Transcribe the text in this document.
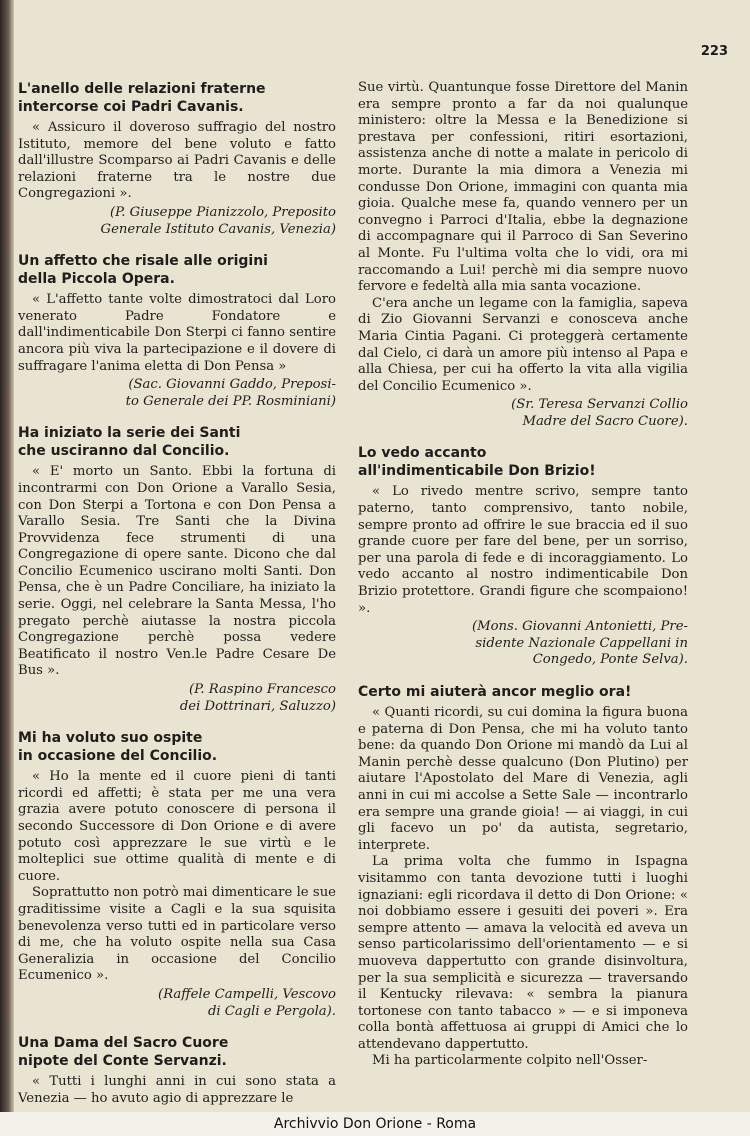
223
L'anello delle relazioni fraterne
intercorse coi Padri Cavanis.

« Assicuro il doveroso suffragio del nostro Istituto, memore del bene voluto e fatto dall'illustre Scomparso ai Padri Cavanis e delle relazioni fraterne tra le nostre due Congregazioni ».

(P. Giuseppe Pianizzolo, Preposito
Generale Istituto Cavanis, Venezia)
Un affetto che risale alle origini
della Piccola Opera.

« L'affetto tante volte dimostratoci dal Loro venerato Padre Fondatore e dall'indimenticabile Don Sterpi ci fanno sentire ancora più viva la partecipazione e il dovere di suffragare l'anima eletta di Don Pensa »

(Sac. Giovanni Gaddo, Preposi-
to Generale dei PP. Rosminiani)
Ha iniziato la serie dei Santi
che usciranno dal Concilio.

« E' morto un Santo. Ebbi la fortuna di incontrarmi con Don Orione a Varallo Sesia, con Don Sterpi a Tortona e con Don Pensa a Varallo Sesia. Tre Santi che la Divina Provvidenza fece strumenti di una Congregazione di opere sante. Dicono che dal Concilio Ecumenico uscirano molti Santi. Don Pensa, che è un Padre Conciliare, ha iniziato la serie. Oggi, nel celebrare la Santa Messa, l'ho pregato perchè aiutasse la nostra piccola Congregazione perchè possa vedere Beatificato il nostro Ven.le Padre Cesare De Bus ».

(P. Raspino Francesco
dei Dottrinari, Saluzzo)
Mi ha voluto suo ospite
in occasione del Concilio.

« Ho la mente ed il cuore pieni di tanti ricordi ed affetti; è stata per me una vera grazia avere potuto conoscere di persona il secondo Successore di Don Orione e di avere potuto così apprezzare le sue virtù e le molteplici sue ottime qualità di mente e di cuore.

Soprattutto non potrò mai dimenticare le sue graditissime visite a Cagli e la sua squisita benevolenza verso tutti ed in particolare verso di me, che ha voluto ospite nella sua Casa Generalizia in occasione del Concilio Ecumenico ».

(Raffele Campelli, Vescovo
di Cagli e Pergola).
Una Dama del Sacro Cuore
nipote del Conte Servanzi.

« Tutti i lunghi anni in cui sono stata a Venezia — ho avuto agio di apprezzare le

Sue virtù. Quantunque fosse Direttore del Manin era sempre pronto a far da noi qualunque ministero: oltre la Messa e la Benedizione si prestava per confessioni, ritiri esortazioni, assistenza anche di notte a malate in pericolo di morte. Durante la mia dimora a Venezia mi condusse Don Orione, immagini con quanta mia gioia. Qualche mese fa, quando vennero per un convegno i Parroci d'Italia, ebbe la degnazione di accompagnare qui il Parroco di San Severino al Monte. Fu l'ultima volta che lo vidi, ora mi raccomando a Lui! perchè mi dia sempre nuovo fervore e fedeltà alla mia santa vocazione.

C'era anche un legame con la famiglia, sapeva di Zio Giovanni Servanzi e conosceva anche Maria Cintia Pagani. Ci proteggerà certamente dal Cielo, ci darà un amore più intenso al Papa e alla Chiesa, per cui ha offerto la vita alla vigilia del Concilio Ecumenico ».

(Sr. Teresa Servanzi Collio
Madre del Sacro Cuore).
Lo vedo accanto
all'indimenticabile Don Brizio!

« Lo rivedo mentre scrivo, sempre tanto paterno, tanto comprensivo, tanto nobile, sempre pronto ad offrire le sue braccia ed il suo grande cuore per fare del bene, per un sorriso, per una parola di fede e di incoraggiamento. Lo vedo accanto al nostro indimenticabile Don Brizio protettore. Grandi figure che scompaiono! ».

(Mons. Giovanni Antonietti, Pre-
sidente Nazionale Cappellani in
Congedo, Ponte Selva).
Certo mi aiuterà ancor meglio ora!

« Quanti ricordi, su cui domina la figura buona e paterna di Don Pensa, che mi ha voluto tanto bene: da quando Don Orione mi mandò da Lui al Manin perchè desse qualcuno (Don Plutino) per aiutare l'Apostolato del Mare di Venezia, agli anni in cui mi accolse a Sette Sale — incontrarlo era sempre una grande gioia! — ai viaggi, in cui gli facevo un po' da autista, segretario, interprete.

La prima volta che fummo in Ispagna visitammo con tanta devozione tutti i luoghi ignaziani: egli ricordava il detto di Don Orione: « noi dobbiamo essere i gesuiti dei poveri ». Era sempre attento — amava la velocità ed aveva un senso particolarissimo dell'orientamento — e si muoveva dappertutto con grande disinvoltura, per la sua semplicità e sicurezza — traversando il Kentucky rilevava: « sembra la pianura tortonese con tanto tabacco » — e si imponeva colla bontà affettuosa ai gruppi di Amici che lo attendevano dappertutto.

Mi ha particolarmente colpito nell'Osser-

Archivvio Don Orione - Roma
